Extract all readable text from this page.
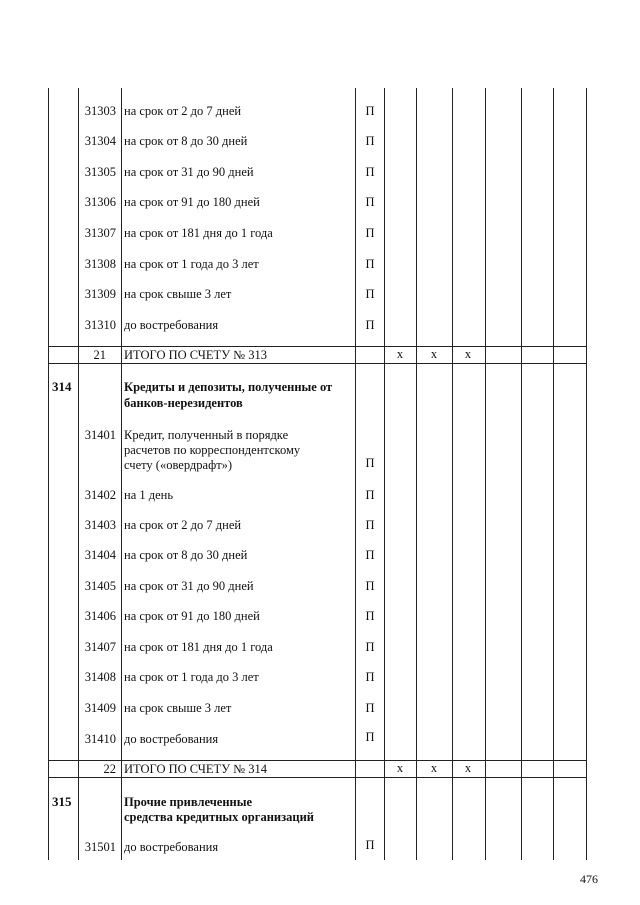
31303 на срок от 2 до 7 дней	П
31304 на срок от 8 до 30 дней	П
31305 на срок от 31 до 90 дней	П
31306 на срок от 91 до 180 дней	П
31307 на срок от 181 дня до 1 года	П
31308 на срок от 1 года до 3 лет	П
31309 на срок свыше 3 лет	П
31310 до востребования	П
21 ИТОГО ПО СЧЕТУ № 313	х	х	х
314	Кредиты и депозиты, полученные от
банков-нерезидентов
31401 Кредит, полученный в порядке
расчетов по корреспондентскому
счету («овердрафт»)	П
31402 на 1 день	П
31403 на срок от 2 до 7 дней	П
31404 на срок от 8 до 30 дней	П
31405 на срок от 31 до 90 дней	П
31406 на срок от 91 до 180 дней	П
31407 на срок от 181 дня до 1 года	П
31408 на срок от 1 года до 3 лет	П
31409 на срок свыше 3 лет	П
31410 до востребования	П
22 ИТОГО ПО СЧЕТУ № 314	х	х	х
315	Прочие привлеченные
средства кредитных организаций
31501 до востребования	П
476
